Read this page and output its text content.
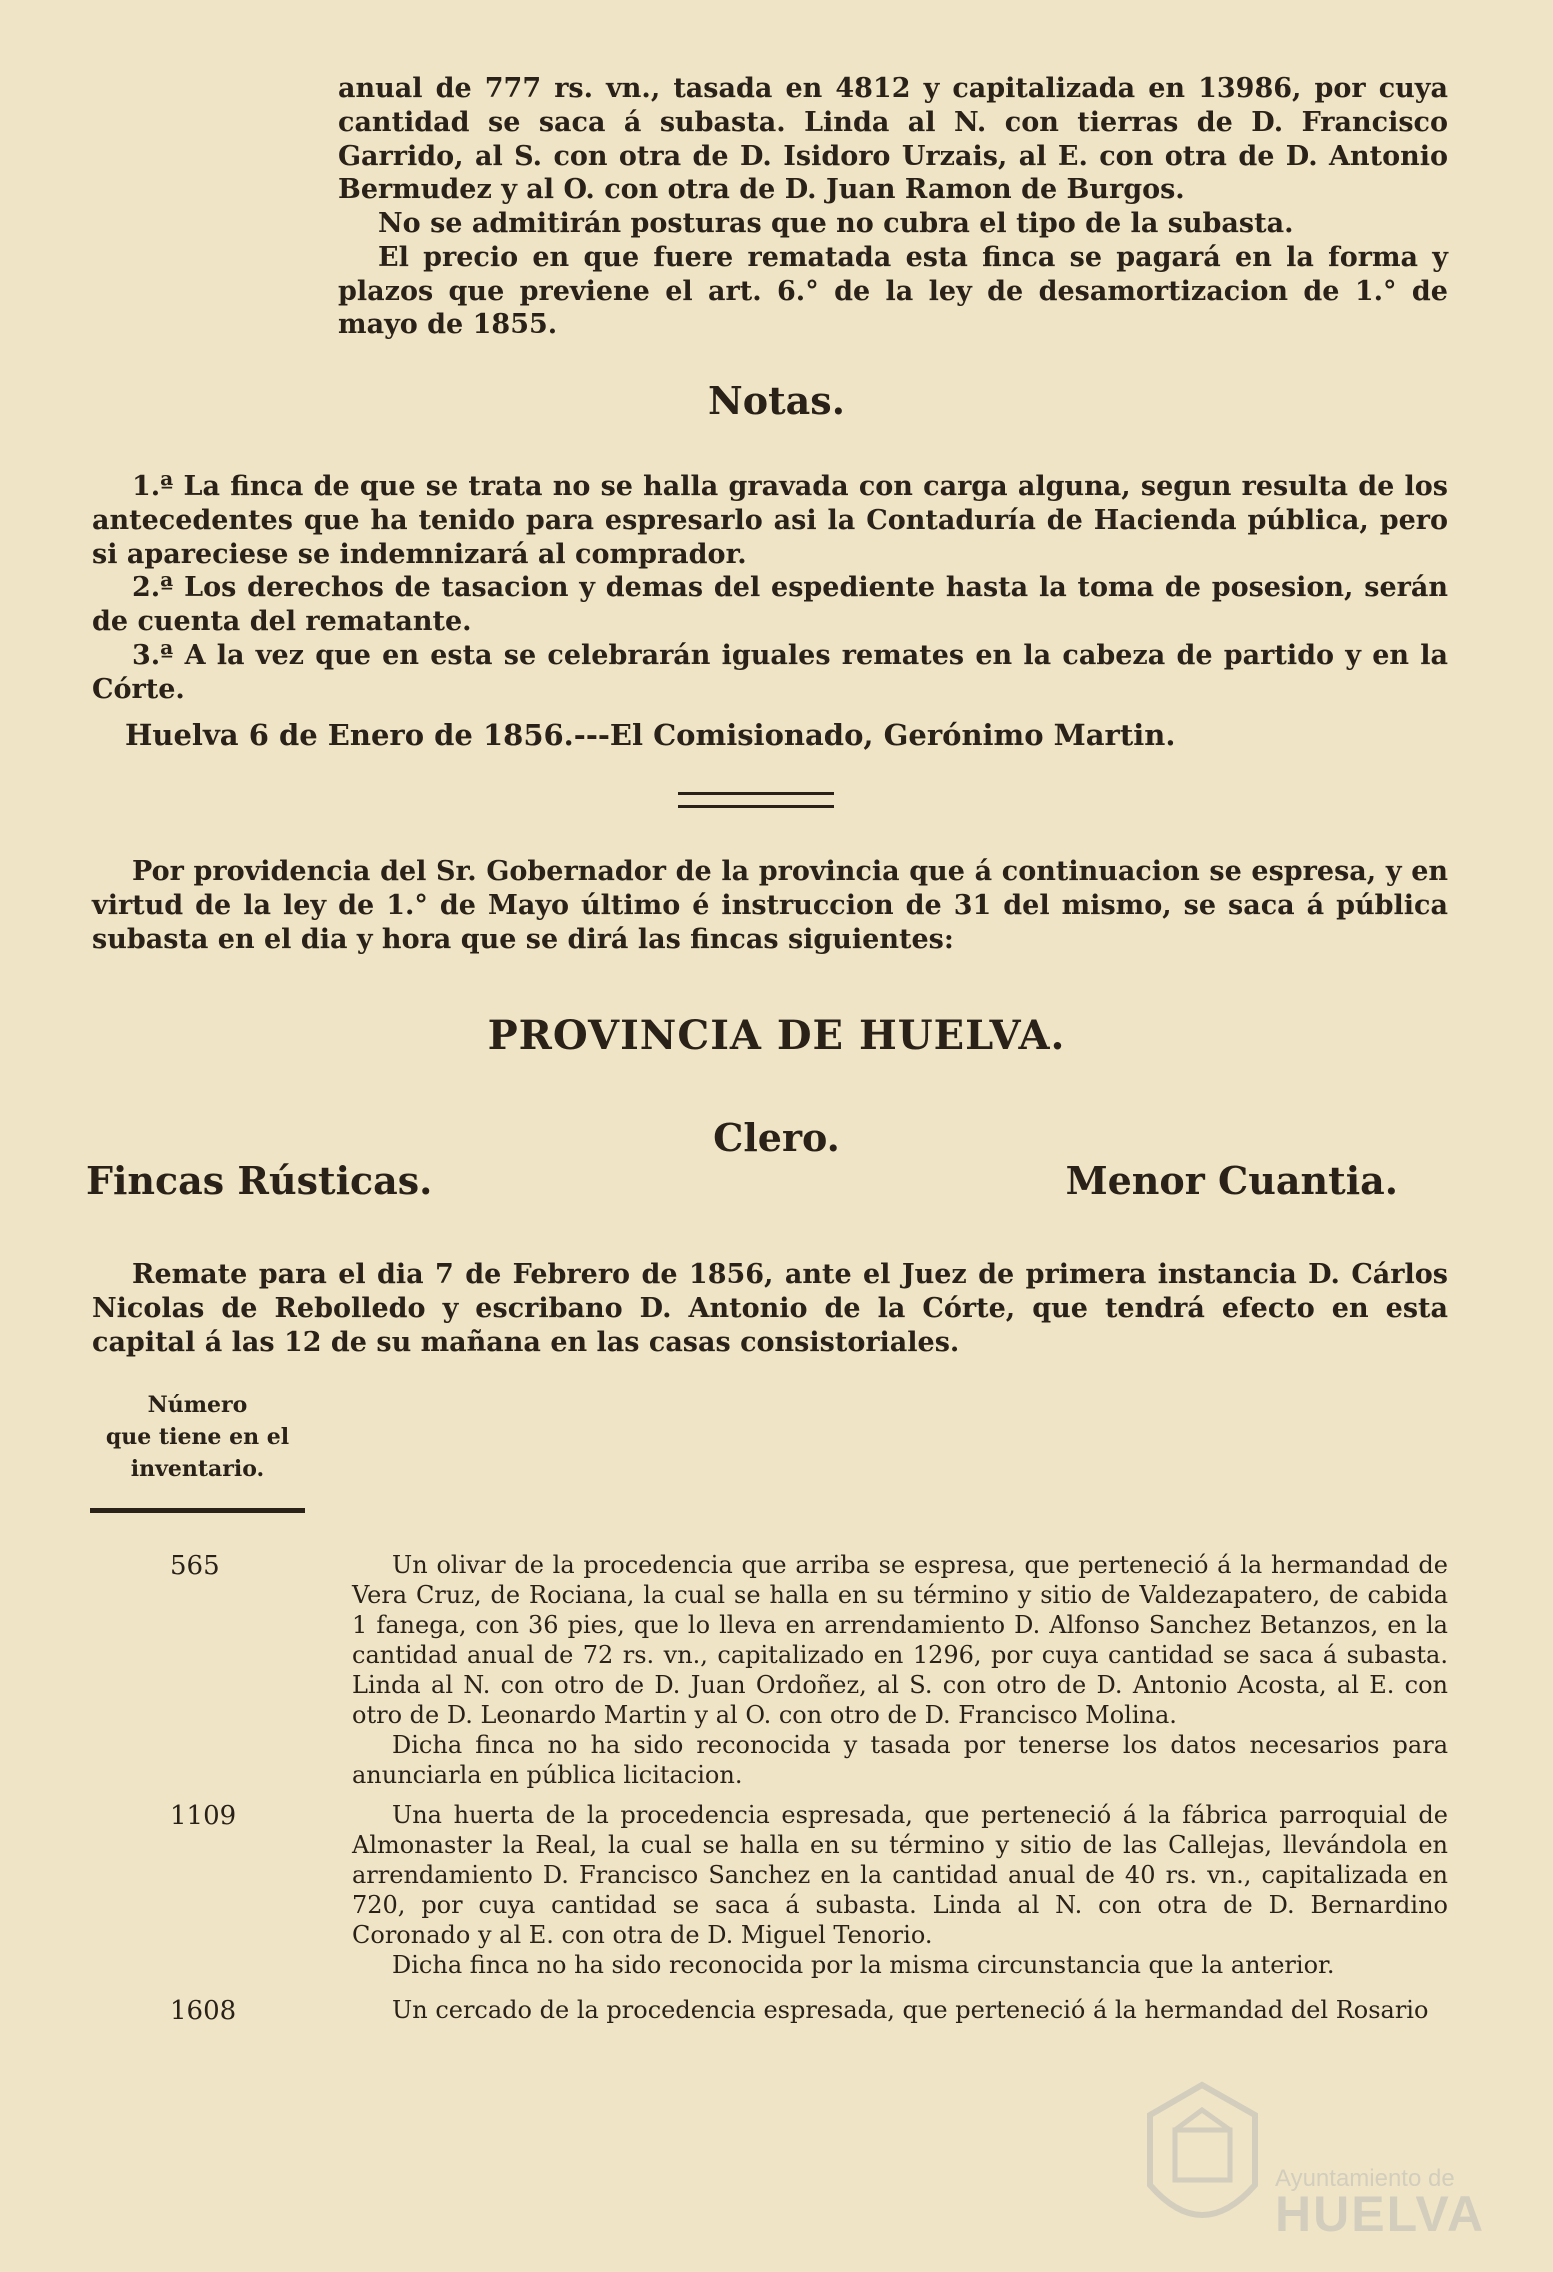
anual de 777 rs. vn., tasada en 4812 y capitalizada en 13986, por cuya cantidad se saca á subasta. Linda al N. con tierras de D. Francisco Garrido, al S. con otra de D. Isidoro Urzais, al E. con otra de D. Antonio Bermudez y al O. con otra de D. Juan Ramon de Burgos.

No se admitirán posturas que no cubra el tipo de la subasta.

El precio en que fuere rematada esta finca se pagará en la forma y plazos que previene el art. 6.° de la ley de desamortizacion de 1.° de mayo de 1855.

Notas.

1.ª La finca de que se trata no se halla gravada con carga alguna, segun resulta de los antecedentes que ha tenido para espresarlo asi la Contaduría de Hacienda pública, pero si apareciese se indemnizará al comprador.

2.ª Los derechos de tasacion y demas del espediente hasta la toma de posesion, serán de cuenta del rematante.

3.ª A la vez que en esta se celebrarán iguales remates en la cabeza de partido y en la Córte.

Huelva 6 de Enero de 1856.---El Comisionado, Gerónimo Martin.

Por providencia del Sr. Gobernador de la provincia que á continuacion se espresa, y en virtud de la ley de 1.° de Mayo último é instruccion de 31 del mismo, se saca á pública subasta en el dia y hora que se dirá las fincas siguientes:

PROVINCIA DE HUELVA.
Clero.
Fincas Rústicas.	Menor Cuantia.

Remate para el dia 7 de Febrero de 1856, ante el Juez de primera instancia D. Cárlos Nicolas de Rebolledo y escribano D. Antonio de la Córte, que tendrá efecto en esta capital á las 12 de su mañana en las casas consistoriales.

Número
que tiene en el
inventario.
565	Un olivar de la procedencia que arriba se espresa, que perteneció á la hermandad de Vera Cruz, de Rociana, la cual se halla en su término y sitio de Valdezapatero, de cabida 1 fanega, con 36 pies, que lo lleva en arrendamiento D. Alfonso Sanchez Betanzos, en la cantidad anual de 72 rs. vn., capitalizado en 1296, por cuya cantidad se saca á subasta. Linda al N. con otro de D. Juan Ordoñez, al S. con otro de D. Antonio Acosta, al E. con otro de D. Leonardo Martin y al O. con otro de D. Francisco Molina.

Dicha finca no ha sido reconocida y tasada por tenerse los datos necesarios para anunciarla en pública licitacion.

1109	Una huerta de la procedencia espresada, que perteneció á la fábrica parroquial de Almonaster la Real, la cual se halla en su término y sitio de las Callejas, llevándola en arrendamiento D. Francisco Sanchez en la cantidad anual de 40 rs. vn., capitalizada en 720, por cuya cantidad se saca á subasta. Linda al N. con otra de D. Bernardino Coronado y al E. con otra de D. Miguel Tenorio.

Dicha finca no ha sido reconocida por la misma circunstancia que la anterior.

1608	Un cercado de la procedencia espresada, que perteneció á la hermandad del Rosario

Ayuntamiento de
HUELVA
